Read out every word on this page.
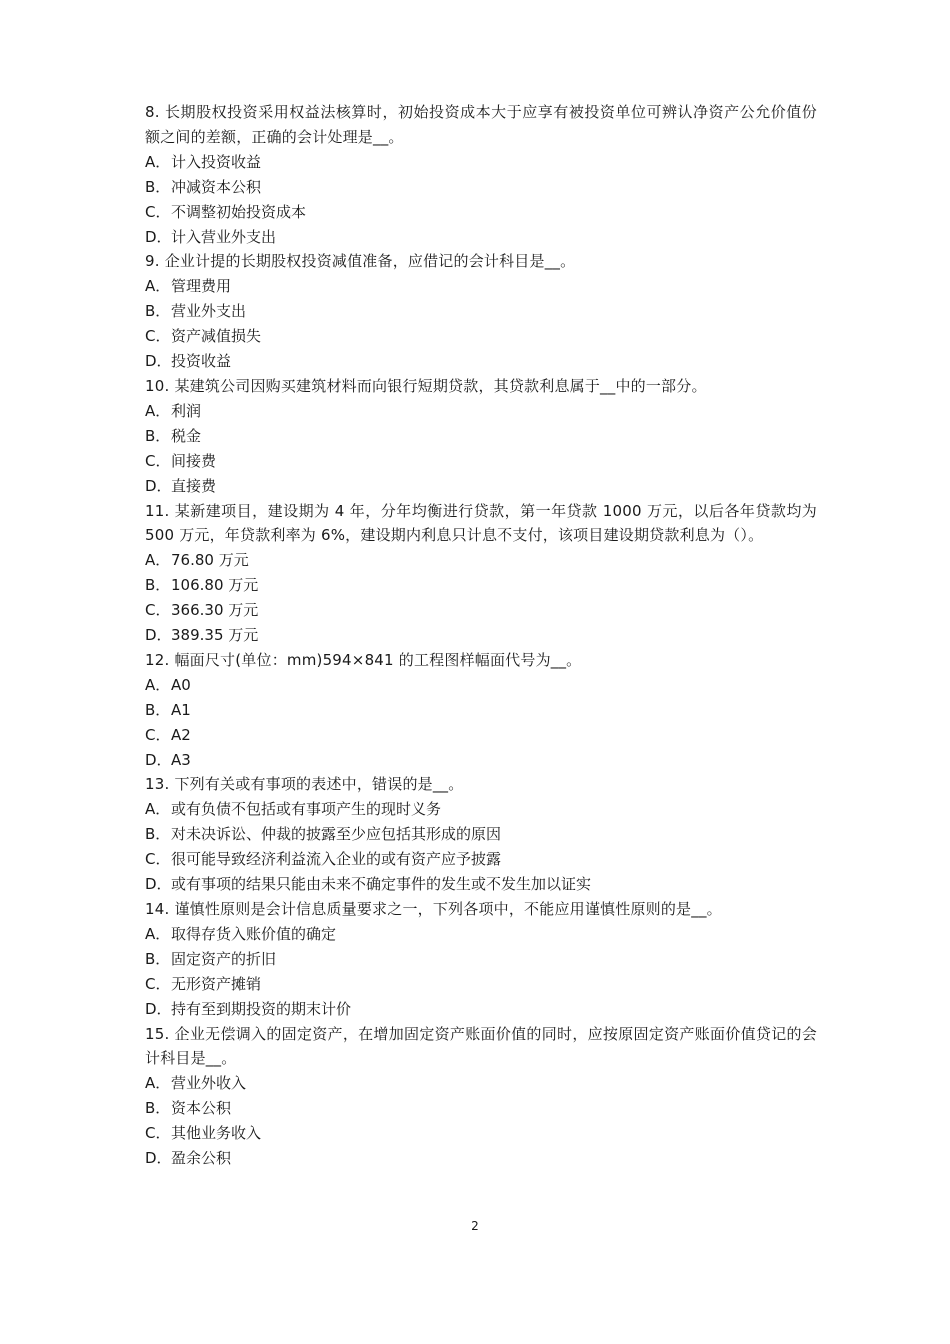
8. 长期股权投资采用权益法核算时，初始投资成本大于应享有被投资单位可辨认净资产公允价值份额之间的差额，正确的会计处理是__。
A．计入投资收益
B．冲减资本公积
C．不调整初始投资成本
D．计入营业外支出
9. 企业计提的长期股权投资减值准备，应借记的会计科目是__。
A．管理费用
B．营业外支出
C．资产减值损失
D．投资收益
10. 某建筑公司因购买建筑材料而向银行短期贷款，其贷款利息属于__中的一部分。
A．利润
B．税金
C．间接费
D．直接费
11. 某新建项目，建设期为 4 年，分年均衡进行贷款，第一年贷款 1000 万元，以后各年贷款均为 500 万元，年贷款利率为 6%，建设期内利息只计息不支付，该项目建设期贷款利息为（）。
A．76.80 万元
B．106.80 万元
C．366.30 万元
D．389.35 万元
12. 幅面尺寸(单位：mm)594×841 的工程图样幅面代号为__。
A．A0
B．A1
C．A2
D．A3
13. 下列有关或有事项的表述中，错误的是__。
A．或有负债不包括或有事项产生的现时义务
B．对未决诉讼、仲裁的披露至少应包括其形成的原因
C．很可能导致经济利益流入企业的或有资产应予披露
D．或有事项的结果只能由未来不确定事件的发生或不发生加以证实
14. 谨慎性原则是会计信息质量要求之一，下列各项中，不能应用谨慎性原则的是__。
A．取得存货入账价值的确定
B．固定资产的折旧
C．无形资产摊销
D．持有至到期投资的期末计价
15. 企业无偿调入的固定资产，在增加固定资产账面价值的同时，应按原固定资产账面价值贷记的会计科目是__。
A．营业外收入
B．资本公积
C．其他业务收入
D．盈余公积
2
